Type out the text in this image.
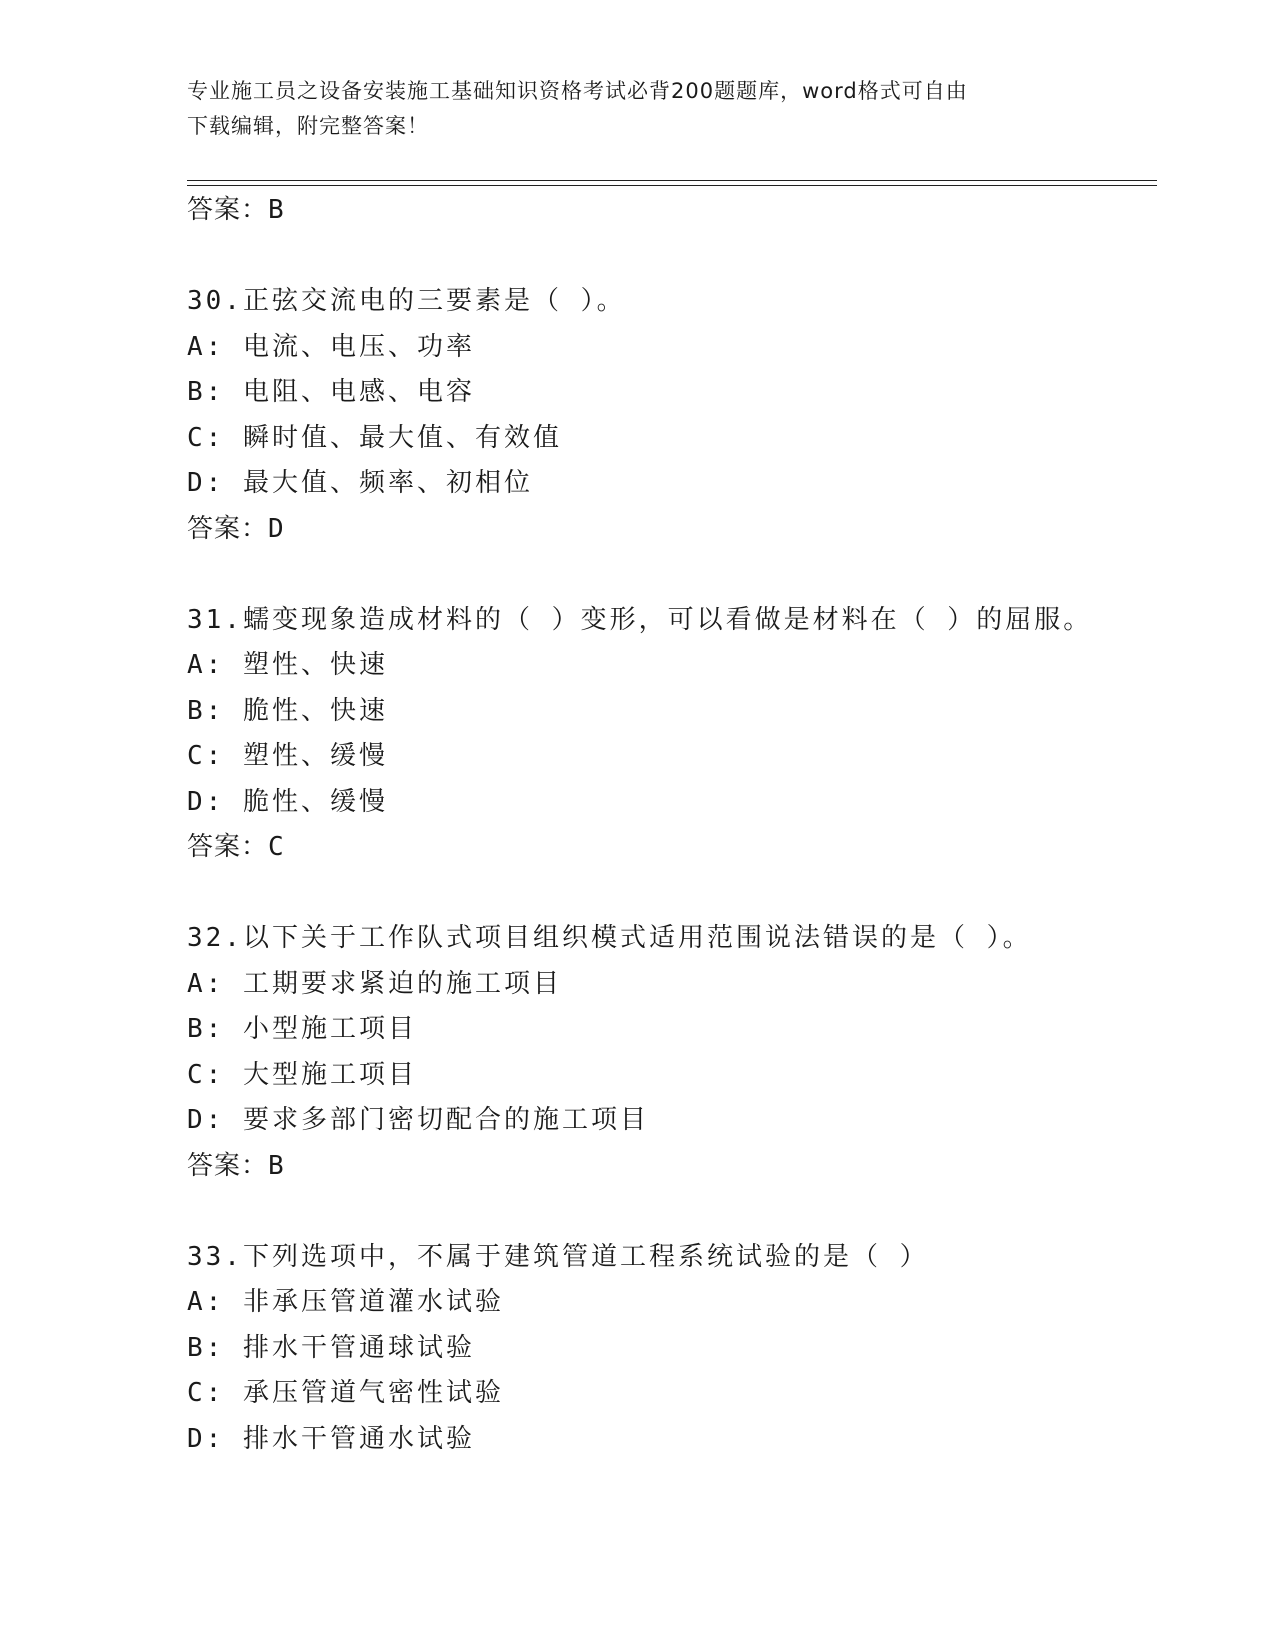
专业施工员之设备安装施工基础知识资格考试必背200题题库，word格式可自由
下载编辑，附完整答案！
答案：B
30.正弦交流电的三要素是（ ）。
A: 电流、电压、功率
B: 电阻、电感、电容
C: 瞬时值、最大值、有效值
D: 最大值、频率、初相位
答案：D
31.蠕变现象造成材料的（ ）变形，可以看做是材料在（ ）的屈服。
A: 塑性、快速
B: 脆性、快速
C: 塑性、缓慢
D: 脆性、缓慢
答案：C
32.以下关于工作队式项目组织模式适用范围说法错误的是（ ）。
A: 工期要求紧迫的施工项目
B: 小型施工项目
C: 大型施工项目
D: 要求多部门密切配合的施工项目
答案：B
33.下列选项中，不属于建筑管道工程系统试验的是（ ）
A: 非承压管道灌水试验
B: 排水干管通球试验
C: 承压管道气密性试验
D: 排水干管通水试验
